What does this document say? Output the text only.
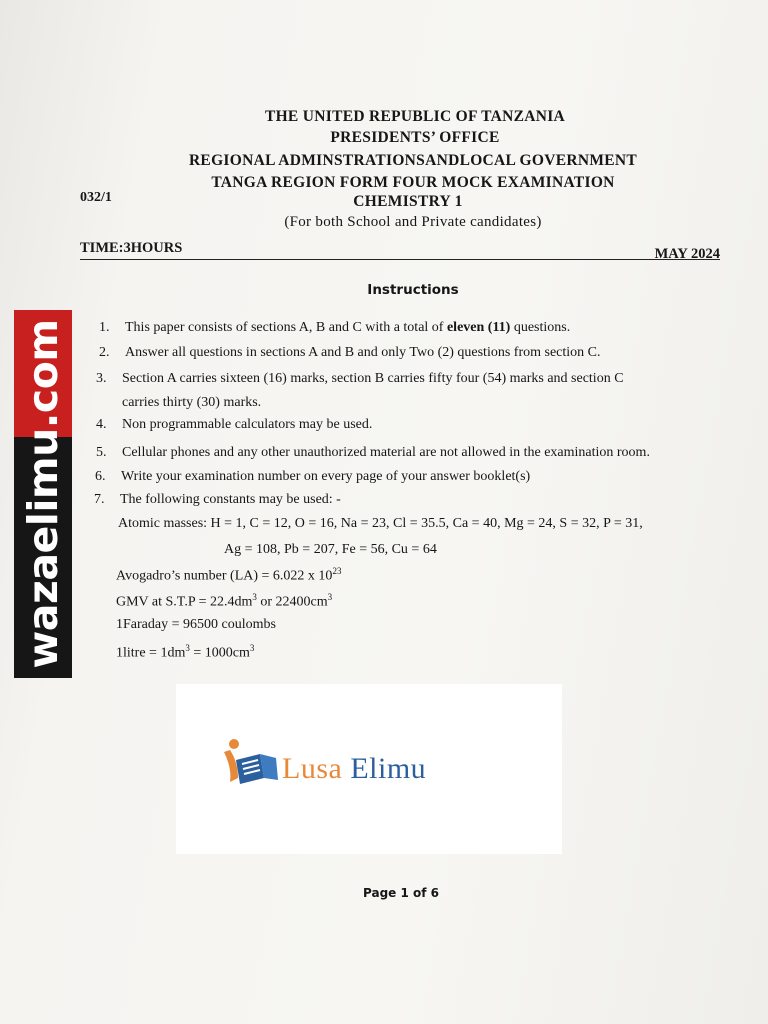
THE UNITED REPUBLIC OF TANZANIA
PRESIDENTS’ OFFICE
REGIONAL ADMINSTRATIONSANDLOCAL GOVERNMENT
TANGA REGION FORM FOUR MOCK EXAMINATION
CHEMISTRY 1
(For both School and Private candidates)
032/1
TIME:3HOURS	MAY 2024
Instructions
1. This paper consists of sections A, B and C with a total of eleven (11) questions.
2. Answer all questions in sections A and B and only Two (2) questions from section C.
3. Section A carries sixteen (16) marks, section B carries fifty four (54) marks and section C
carries thirty (30) marks.
4. Non programmable calculators may be used.
5. Cellular phones and any other unauthorized material are not allowed in the examination room.
6. Write your examination number on every page of your answer booklet(s)
7. The following constants may be used: -
Atomic masses: H = 1, C = 12, O = 16, Na = 23, Cl = 35.5, Ca = 40, Mg = 24, S = 32, P = 31,
Ag = 108, Pb = 207, Fe = 56, Cu = 64
Avogadro’s number (LA) = 6.022 x $10^{23}$
GMV at $S.T.P = 22.4dm^3$ or $22400cm^3$
1Faraday = 96500 coulombs
1litre = $1dm^3 = 1000cm^3$
wazaelimu.com
Lusa Elimu
Page 1 of 6
